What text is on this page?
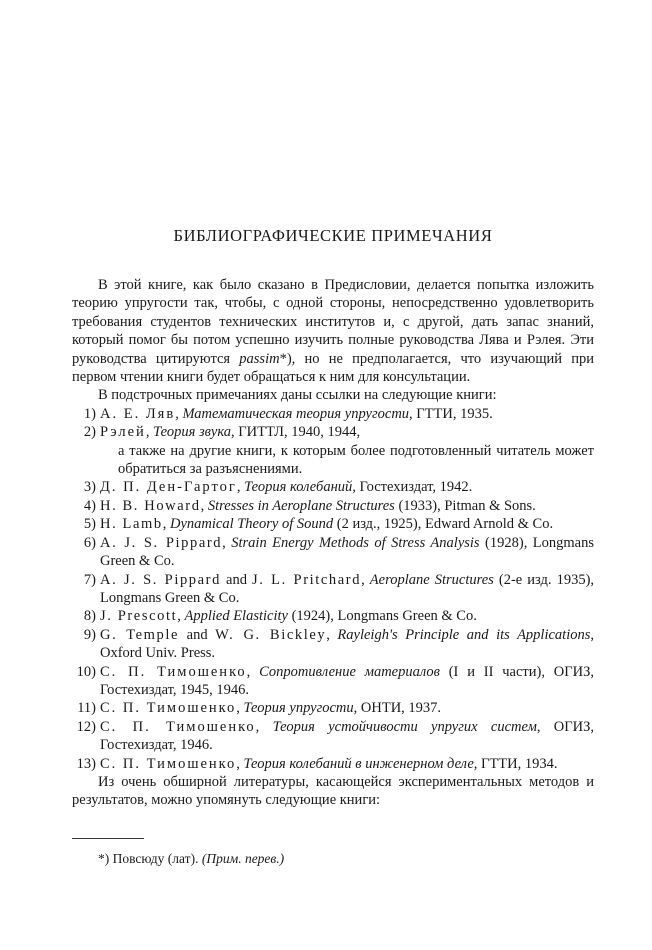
БИБЛИОГРАФИЧЕСКИЕ ПРИМЕЧАНИЯ

В этой книге, как было сказано в Предисловии, делается попытка изложить теорию упругости так, чтобы, с одной стороны, непосредственно удовлетворить требования студентов технических институтов и, с другой, дать запас знаний, который помог бы потом успешно изучить полные руководства Лява и Рэлея. Эти руководства цитируются passim*), но не предполагается, что изучающий при первом чтении книги будет обращаться к ним для консультации.

В подстрочных примечаниях даны ссылки на следующие книги:

1) А. Е. Ляв, Математическая теория упругости, ГТТИ, 1935.
2) Рэлей, Теория звука, ГИТТЛ, 1940, 1944,
а также на другие книги, к которым более подготовленный читатель может обратиться за разъяснениями.
3) Д. П. Ден-Гартог, Теория колебаний, Гостехиздат, 1942.
4) H. B. Howard, Stresses in Aeroplane Structures (1933), Pitman & Sons.
5) H. Lamb, Dynamical Theory of Sound (2 изд., 1925), Edward Arnold & Co.
6) A. J. S. Pippard, Strain Energy Methods of Stress Analysis (1928), Longmans Green & Co.
7) A. J. S. Pippard and J. L. Pritchard, Aeroplane Structures (2-е изд. 1935), Longmans Green & Co.
8) J. Prescott, Applied Elasticity (1924), Longmans Green & Co.
9) G. Temple and W. G. Bickley, Rayleigh's Principle and its Applications, Oxford Univ. Press.
10) С. П. Тимошенко, Сопротивление материалов (I и II части), ОГИЗ, Гостехиздат, 1945, 1946.
11) С. П. Тимошенко, Теория упругости, ОНТИ, 1937.
12) С. П. Тимошенко, Теория устойчивости упругих систем, ОГИЗ, Гостехиздат, 1946.
13) С. П. Тимошенко, Теория колебаний в инженерном деле, ГТТИ, 1934.

Из очень обширной литературы, касающейся экспериментальных методов и результатов, можно упомянуть следующие книги:

*) Повсюду (лат). (Прим. перев.)
